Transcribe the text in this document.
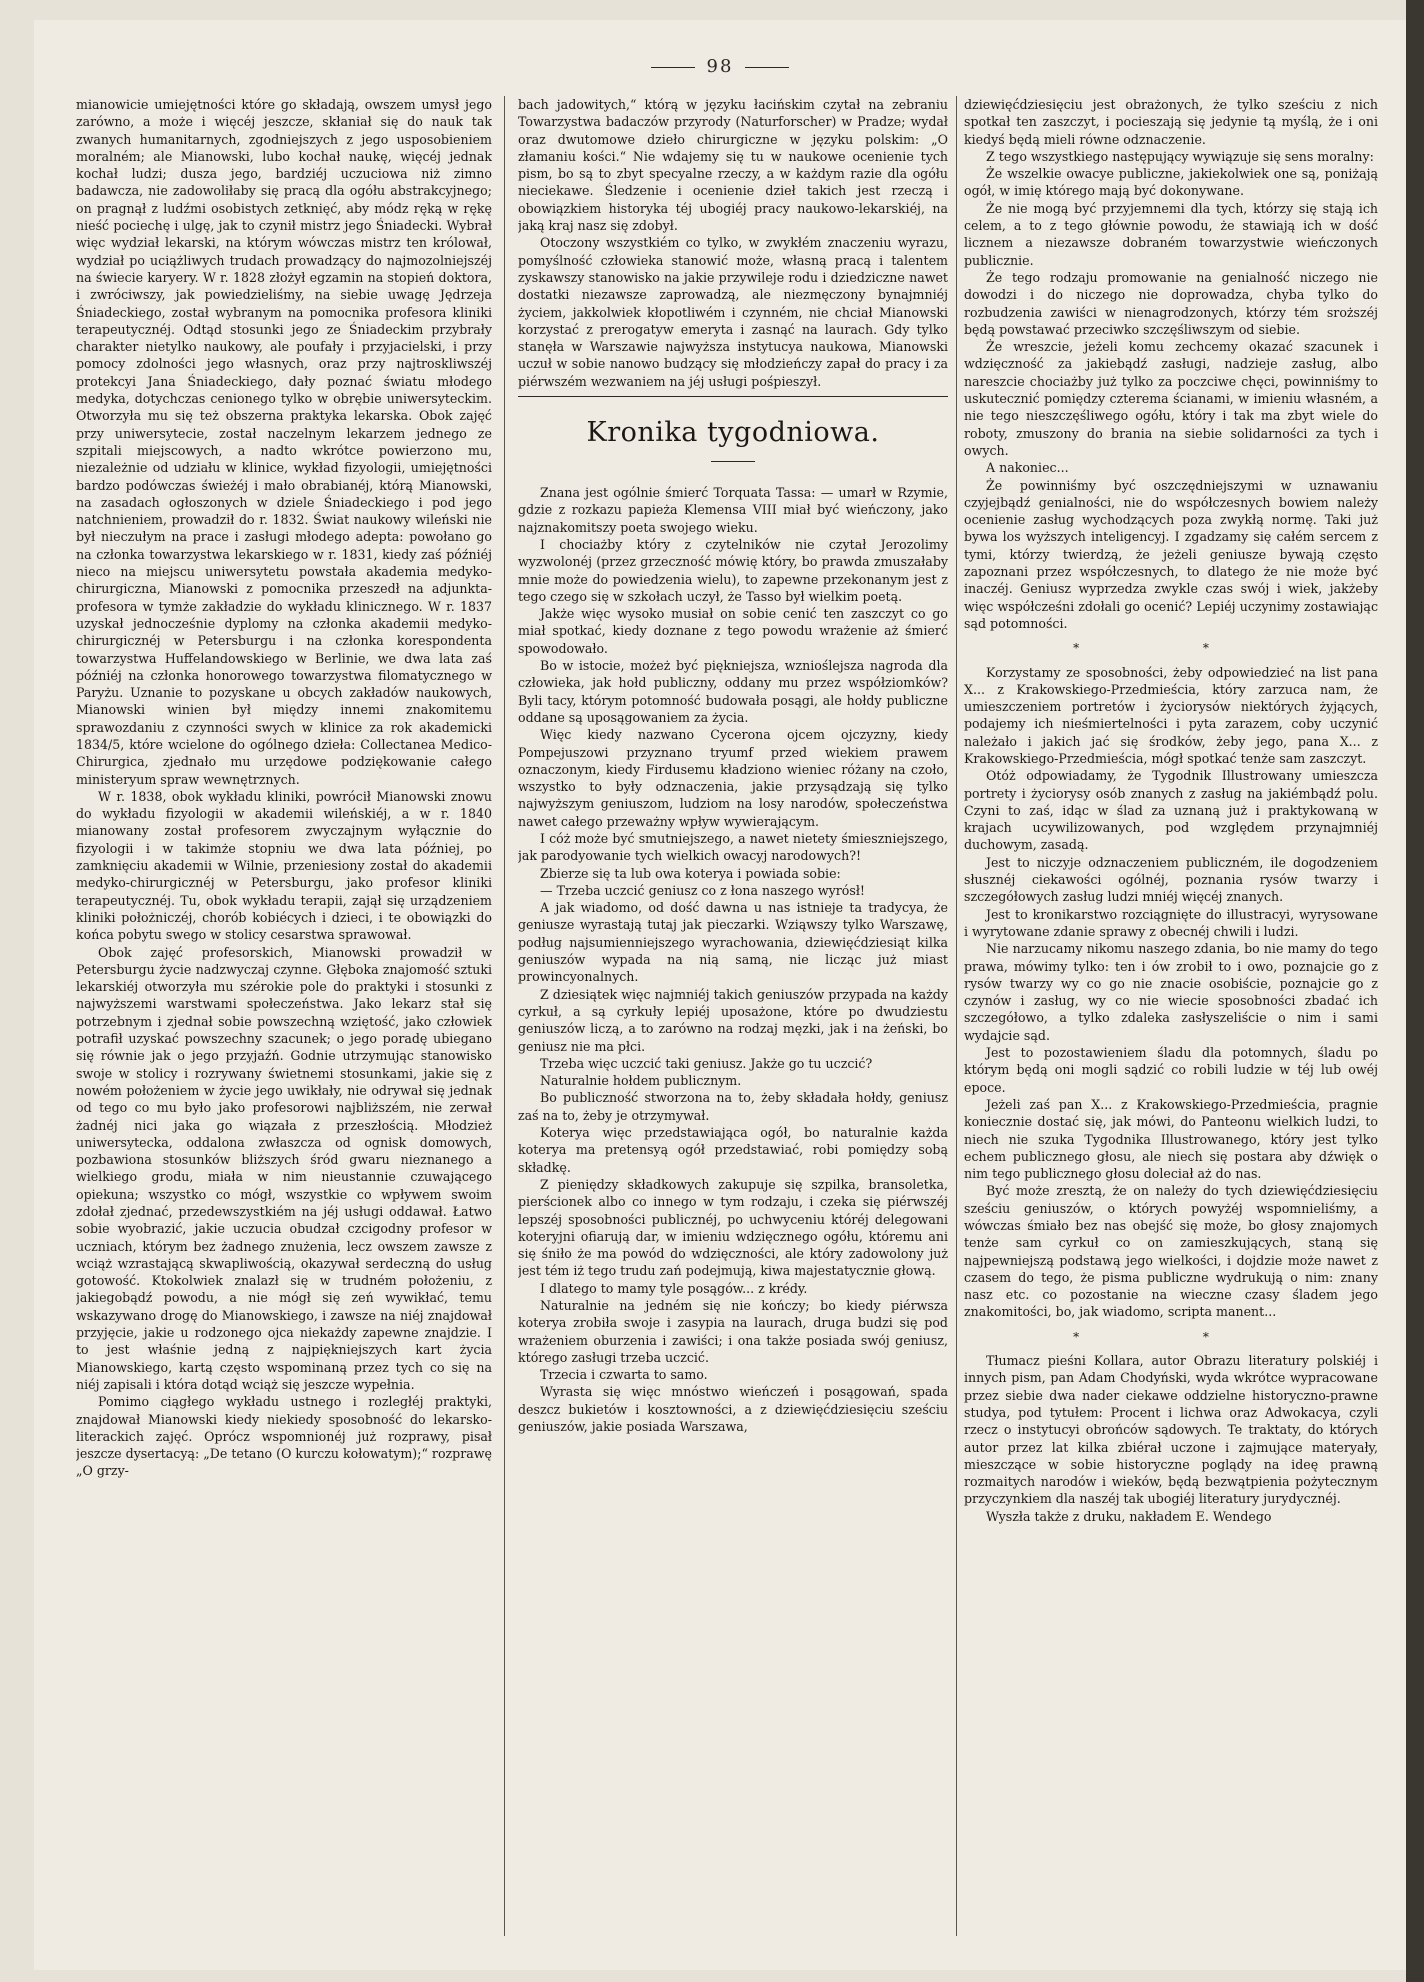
98

mianowicie umiejętności które go składają, owszem umysł jego zarówno, a może i więcéj jeszcze, skłaniał się do nauk tak zwanych humanitarnych, zgodniejszych z jego usposobieniem moralném; ale Mianowski, lubo kochał naukę, więcéj jednak kochał ludzi; dusza jego, bardziéj uczuciowa niż zimno badawcza, nie zadowoliłaby się pracą dla ogółu abstrakcyjnego; on pragnął z ludźmi osobistych zetknięć, aby módz ręką w rękę nieść pociechę i ulgę, jak to czynił mistrz jego Śniadecki. Wybrał więc wydział lekarski, na którym wówczas mistrz ten królował, wydział po uciążliwych trudach prowadzący do najmozolniejszéj na świecie karyery. W r. 1828 złożył egzamin na stopień doktora, i zwróciwszy, jak powiedzieliśmy, na siebie uwagę Jędrzeja Śniadeckiego, został wybranym na pomocnika profesora kliniki terapeutycznéj. Odtąd stosunki jego ze Śniadeckim przybrały charakter nietylko naukowy, ale poufały i przyjacielski, i przy pomocy zdolności jego własnych, oraz przy najtroskliwszéj protekcyi Jana Śniadeckiego, dały poznać światu młodego medyka, dotychczas cenionego tylko w obrębie uniwersyteckim. Otworzyła mu się też obszerna praktyka lekarska. Obok zajęć przy uniwersytecie, został naczelnym lekarzem jednego ze szpitali miejscowych, a nadto wkrótce powierzono mu, niezależnie od udziału w klinice, wykład fizyologii, umiejętności bardzo podówczas świeżéj i mało obrabianéj, którą Mianowski, na zasadach ogłoszonych w dziele Śniadeckiego i pod jego natchnieniem, prowadził do r. 1832. Świat naukowy wileński nie był nieczułym na prace i zasługi młodego adepta: powołano go na członka towarzystwa lekarskiego w r. 1831, kiedy zaś późniéj nieco na miejscu uniwersytetu powstała akademia medyko-chirurgiczna, Mianowski z pomocnika przeszedł na adjunkta-profesora w tymże zakładzie do wykładu klinicznego. W r. 1837 uzyskał jednocześnie dyplomy na członka akademii medyko-chirurgicznéj w Petersburgu i na członka korespondenta towarzystwa Huffelandowskiego w Berlinie, we dwa lata zaś późniéj na członka honorowego towarzystwa filomatycznego w Paryżu. Uznanie to pozyskane u obcych zakładów naukowych, Mianowski winien był między innemi znakomitemu sprawozdaniu z czynności swych w klinice za rok akademicki 1834/5, które wcielone do ogólnego dzieła: Collectanea Medico-Chirurgica, zjednało mu urzędowe podziękowanie całego ministeryum spraw wewnętrznych.

W r. 1838, obok wykładu kliniki, powrócił Mianowski znowu do wykładu fizyologii w akademii wileńskiéj, a w r. 1840 mianowany został profesorem zwyczajnym wyłącznie do fizyologii i w takimże stopniu we dwa lata później, po zamknięciu akademii w Wilnie, przeniesiony został do akademii medyko-chirurgicznéj w Petersburgu, jako profesor kliniki terapeutycznéj. Tu, obok wykładu terapii, zajął się urządzeniem kliniki położniczéj, chorób kobiécych i dzieci, i te obowiązki do końca pobytu swego w stolicy cesarstwa sprawował.

Obok zajęć profesorskich, Mianowski prowadził w Petersburgu życie nadzwyczaj czynne. Głęboka znajomość sztuki lekarskiéj otworzyła mu szérokie pole do praktyki i stosunki z najwyższemi warstwami społeczeństwa. Jako lekarz stał się potrzebnym i zjednał sobie powszechną wziętość, jako człowiek potrafił uzyskać powszechny szacunek; o jego poradę ubiegano się równie jak o jego przyjaźń. Godnie utrzymując stanowisko swoje w stolicy i rozrywany świetnemi stosunkami, jakie się z nowém położeniem w życie jego uwikłały, nie odrywał się jednak od tego co mu było jako profesorowi najbliższém, nie zerwał żadnéj nici jaka go wiązała z przeszłością. Młodzież uniwersytecka, oddalona zwłaszcza od ognisk domowych, pozbawiona stosunków bliższych śród gwaru nieznanego a wielkiego grodu, miała w nim nieustannie czuwającego opiekuna; wszystko co mógł, wszystkie co wpływem swoim zdołał zjednać, przedewszystkiém na jéj usługi oddawał. Łatwo sobie wyobrazić, jakie uczucia obudzał czcigodny profesor w uczniach, którym bez żadnego znużenia, lecz owszem zawsze z wciąż wzrastającą skwapliwością, okazywał serdeczną do usług gotowość. Ktokolwiek znalazł się w trudném położeniu, z jakiegobądź powodu, a nie mógł się zeń wywikłać, temu wskazywano drogę do Mianowskiego, i zawsze na niéj znajdował przyjęcie, jakie u rodzonego ojca niekażdy zapewne znajdzie. I to jest właśnie jedną z najpiękniejszych kart życia Mianowskiego, kartą często wspominaną przez tych co się na niéj zapisali i która dotąd wciąż się jeszcze wypełnia.

Pomimo ciągłego wykładu ustnego i rozległéj praktyki, znajdował Mianowski kiedy niekiedy sposobność do lekarsko-literackich zajęć. Oprócz wspomnionéj już rozprawy, pisał jeszcze dysertacyą: „De tetano (O kurczu kołowatym);“ rozprawę „O grzy-

bach jadowitych,“ którą w języku łacińskim czytał na zebraniu Towarzystwa badaczów przyrody (Naturforscher) w Pradze; wydał oraz dwutomowe dzieło chirurgiczne w języku polskim: „O złamaniu kości.“ Nie wdajemy się tu w naukowe ocenienie tych pism, bo są to zbyt specyalne rzeczy, a w każdym razie dla ogółu nieciekawe. Śledzenie i ocenienie dzieł takich jest rzeczą i obowiązkiem historyka téj ubogiéj pracy naukowo-lekarskiéj, na jaką kraj nasz się zdobył.

Otoczony wszystkiém co tylko, w zwykłém znaczeniu wyrazu, pomyślność człowieka stanowić może, własną pracą i talentem zyskawszy stanowisko na jakie przywileje rodu i dziedziczne nawet dostatki niezawsze zaprowadzą, ale niezmęczony bynajmniéj życiem, jakkolwiek kłopotliwém i czynném, nie chciał Mianowski korzystać z prerogatyw emeryta i zasnąć na laurach. Gdy tylko stanęła w Warszawie najwyższa instytucya naukowa, Mianowski uczuł w sobie nanowo budzący się młodzieńczy zapał do pracy i za piérwszém wezwaniem na jéj usługi pośpieszył.

Kronika tygodniowa.

Znana jest ogólnie śmierć Torquata Tassa: — umarł w Rzymie, gdzie z rozkazu papieża Klemensa VIII miał być wieńczony, jako najznakomitszy poeta swojego wieku.

I chociażby który z czytelników nie czytał Jerozolimy wyzwolonéj (przez grzeczność mówię który, bo prawda zmuszałaby mnie może do powiedzenia wielu), to zapewne przekonanym jest z tego czego się w szkołach uczył, że Tasso był wielkim poetą.

Jakże więc wysoko musiał on sobie cenić ten zaszczyt co go miał spotkać, kiedy doznane z tego powodu wrażenie aż śmierć spowodowało.

Bo w istocie, możeż być piękniejsza, wznioślejsza nagroda dla człowieka, jak hołd publiczny, oddany mu przez współziomków? Byli tacy, którym potomność budowała posągi, ale hołdy publiczne oddane są uposągowaniem za życia.

Więc kiedy nazwano Cycerona ojcem ojczyzny, kiedy Pompejuszowi przyznano tryumf przed wiekiem prawem oznaczonym, kiedy Firdusemu kładziono wieniec różany na czoło, wszystko to były odznaczenia, jakie przysądzają się tylko najwyższym geniuszom, ludziom na losy narodów, społeczeństwa nawet całego przeważny wpływ wywierającym.

I cóż może być smutniejszego, a nawet nietety śmieszniejszego, jak parodyowanie tych wielkich owacyj narodowych?!

Zbierze się ta lub owa koterya i powiada sobie:

— Trzeba uczcić geniusz co z łona naszego wyrósł!

A jak wiadomo, od dość dawna u nas istnieje ta tradycya, że geniusze wyrastają tutaj jak pieczarki. Wziąwszy tylko Warszawę, podług najsumienniejszego wyrachowania, dziewięćdziesiąt kilka geniuszów wypada na nią samą, nie licząc już miast prowincyonalnych.

Z dziesiątek więc najmniéj takich geniuszów przypada na każdy cyrkuł, a są cyrkuły lepiéj uposażone, które po dwudziestu geniuszów liczą, a to zarówno na rodzaj męzki, jak i na żeński, bo geniusz nie ma płci.

Trzeba więc uczcić taki geniusz. Jakże go tu uczcić?

Naturalnie hołdem publicznym.

Bo publiczność stworzona na to, żeby składała hołdy, geniusz zaś na to, żeby je otrzymywał.

Koterya więc przedstawiająca ogół, bo naturalnie każda koterya ma pretensyą ogół przedstawiać, robi pomiędzy sobą składkę.

Z pieniędzy składkowych zakupuje się szpilka, bransoletka, pierścionek albo co innego w tym rodzaju, i czeka się piérwszéj lepszéj sposobności publicznéj, po uchwyceniu któréj delegowani koteryjni ofiarują dar, w imieniu wdzięcznego ogółu, któremu ani się śniło że ma powód do wdzięczności, ale który zadowolony już jest tém iż tego trudu zań podejmują, kiwa majestatycznie głową.

I dlatego to mamy tyle posągów... z krédy.

Naturalnie na jedném się nie kończy; bo kiedy piérwsza koterya zrobiła swoje i zasypia na laurach, druga budzi się pod wrażeniem oburzenia i zawiści; i ona także posiada swój geniusz, którego zasługi trzeba uczcić.

Trzecia i czwarta to samo.

Wyrasta się więc mnóstwo wieńczeń i posągowań, spada deszcz bukietów i kosztowności, a z dziewięćdziesięciu sześciu geniuszów, jakie posiada Warszawa,

dziewięćdziesięciu jest obrażonych, że tylko sześciu z nich spotkał ten zaszczyt, i pocieszają się jedynie tą myślą, że i oni kiedyś będą mieli równe odznaczenie.

Z tego wszystkiego następujący wywiązuje się sens moralny:

Że wszelkie owacye publiczne, jakiekolwiek one są, poniżają ogół, w imię którego mają być dokonywane.

Że nie mogą być przyjemnemi dla tych, którzy się stają ich celem, a to z tego głównie powodu, że stawiają ich w dość licznem a niezawsze dobraném towarzystwie wieńczonych publicznie.

Że tego rodzaju promowanie na genialność niczego nie dowodzi i do niczego nie doprowadza, chyba tylko do rozbudzenia zawiści w nienagrodzonych, którzy tém sroższéj będą powstawać przeciwko szczęśliwszym od siebie.

Że wreszcie, jeżeli komu zechcemy okazać szacunek i wdzięczność za jakiebądź zasługi, nadzieje zasług, albo nareszcie chociażby już tylko za poczciwe chęci, powinniśmy to uskutecznić pomiędzy czterema ścianami, w imieniu własném, a nie tego nieszczęśliwego ogółu, który i tak ma zbyt wiele do roboty, zmuszony do brania na siebie solidarności za tych i owych.

A nakoniec...

Że powinniśmy być oszczędniejszymi w uznawaniu czyjejbądź genialności, nie do współczesnych bowiem należy ocenienie zasług wychodzących poza zwykłą normę. Taki już bywa los wyższych inteligencyj. I zgadzamy się całém sercem z tymi, którzy twierdzą, że jeżeli geniusze bywają często zapoznani przez współczesnych, to dlatego że nie może być inaczéj. Geniusz wyprzedza zwykle czas swój i wiek, jakżeby więc współcześni zdołali go ocenić? Lepiéj uczynimy zostawiając sąd potomności.

* *

Korzystamy ze sposobności, żeby odpowiedzieć na list pana X... z Krakowskiego-Przedmieścia, który zarzuca nam, że umieszczeniem portretów i życiorysów niektórych żyjących, podajemy ich nieśmiertelności i pyta zarazem, coby uczynić należało i jakich jać się środków, żeby jego, pana X... z Krakowskiego-Przedmieścia, mógł spotkać tenże sam zaszczyt.

Otóż odpowiadamy, że Tygodnik Illustrowany umieszcza portrety i życiorysy osób znanych z zasług na jakiémbądź polu. Czyni to zaś, idąc w ślad za uznaną już i praktykowaną w krajach ucywilizowanych, pod względem przynajmniéj duchowym, zasadą.

Jest to niczyje odznaczeniem publiczném, ile dogodzeniem słusznéj ciekawości ogólnéj, poznania rysów twarzy i szczegółowych zasług ludzi mniéj więcéj znanych.

Jest to kronikarstwo rozciągnięte do illustracyi, wyrysowane i wyrytowane zdanie sprawy z obecnéj chwili i ludzi.

Nie narzucamy nikomu naszego zdania, bo nie mamy do tego prawa, mówimy tylko: ten i ów zrobił to i owo, poznajcie go z rysów twarzy wy co go nie znacie osobiście, poznajcie go z czynów i zasług, wy co nie wiecie sposobności zbadać ich szczegółowo, a tylko zdaleka zasłyszeliście o nim i sami wydajcie sąd.

Jest to pozostawieniem śladu dla potomnych, śladu po którym będą oni mogli sądzić co robili ludzie w téj lub owéj epoce.

Jeżeli zaś pan X... z Krakowskiego-Przedmieścia, pragnie koniecznie dostać się, jak mówi, do Panteonu wielkich ludzi, to niech nie szuka Tygodnika Illustrowanego, który jest tylko echem publicznego głosu, ale niech się postara aby dźwięk o nim tego publicznego głosu doleciał aż do nas.

Być może zresztą, że on należy do tych dziewięćdziesięciu sześciu geniuszów, o których powyżéj wspomnieliśmy, a wówczas śmiało bez nas obejść się może, bo głosy znajomych tenże sam cyrkuł co on zamieszkujących, staną się najpewniejszą podstawą jego wielkości, i dojdzie może nawet z czasem do tego, że pisma publiczne wydrukują o nim: znany nasz etc. co pozostanie na wieczne czasy śladem jego znakomitości, bo, jak wiadomo, scripta manent...

* *

Tłumacz pieśni Kollara, autor Obrazu literatury polskiéj i innych pism, pan Adam Chodyński, wyda wkrótce wypracowane przez siebie dwa nader ciekawe oddzielne historyczno-prawne studya, pod tytułem: Procent i lichwa oraz Adwokacya, czyli rzecz o instytucyi obrońców sądowych. Te traktaty, do których autor przez lat kilka zbiérał uczone i zajmujące materyały, mieszczące w sobie historyczne poglądy na ideę prawną rozmaitych narodów i wieków, będą bezwątpienia pożytecznym przyczynkiem dla naszéj tak ubogiéj literatury jurydycznéj.

Wyszła także z druku, nakładem E. Wendego
